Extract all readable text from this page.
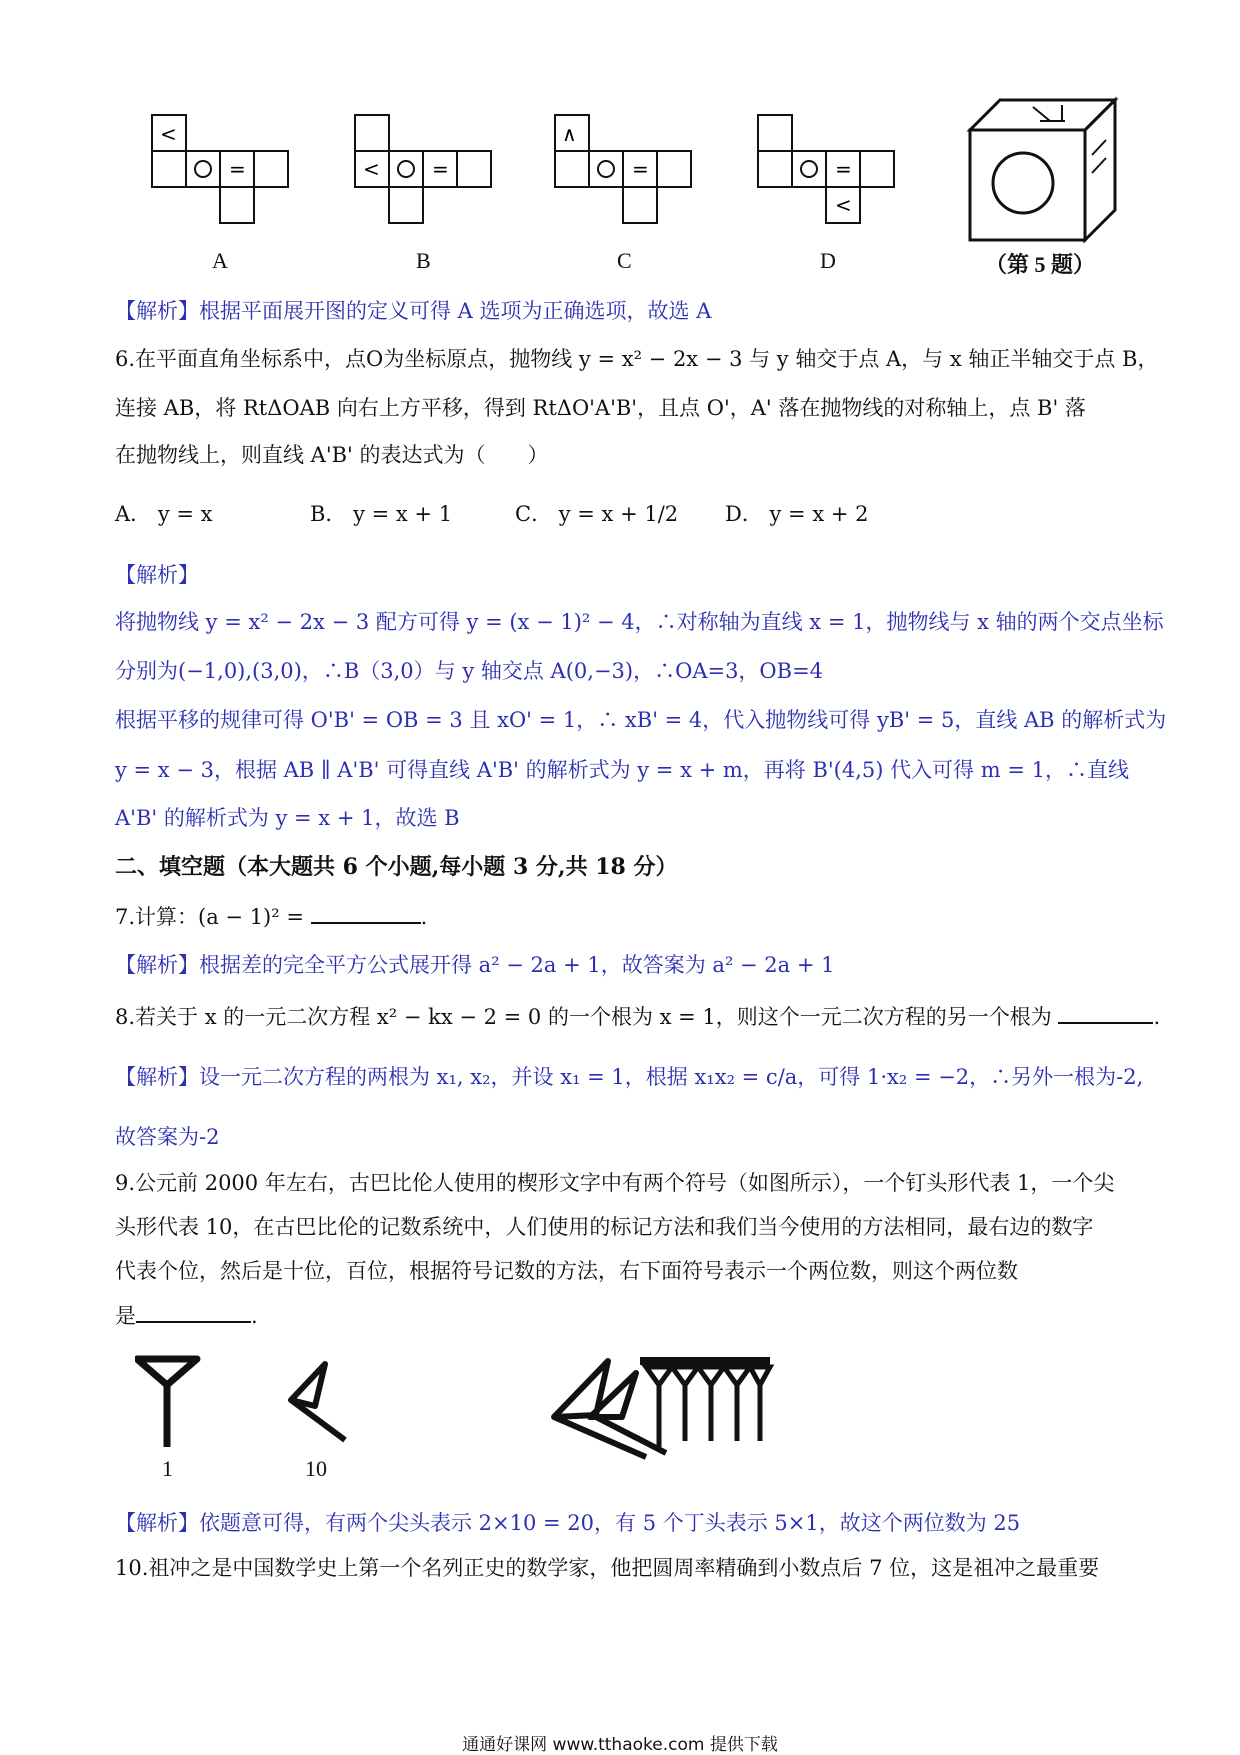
<
=	<	=
∧
=	=
<
A	B	C	D	（第 5 题）
【解析】根据平面展开图的定义可得 A 选项为正确选项，故选 A
6.在平面直角坐标系中，点O为坐标原点，抛物线 y = x² − 2x − 3 与 y 轴交于点 A，与 x 轴正半轴交于点 B，
连接 AB，将 RtΔOAB 向右上方平移，得到 RtΔO'A'B'，且点 O'，A' 落在抛物线的对称轴上，点 B' 落
在抛物线上，则直线 A'B' 的表达式为（　　）
A． y = x	B． y = x + 1	C． y = x + 1/2 D． y = x + 2
【解析】
将抛物线 y = x² − 2x − 3 配方可得 y = (x − 1)² − 4，∴对称轴为直线 x = 1，抛物线与 x 轴的两个交点坐标
分别为(−1,0),(3,0)，∴B（3,0）与 y 轴交点 A(0,−3)，∴OA=3，OB=4
根据平移的规律可得 O'B' = OB = 3 且 xO' = 1，∴ xB' = 4，代入抛物线可得 yB' = 5，直线 AB 的解析式为
y = x − 3，根据 AB ∥ A'B' 可得直线 A'B' 的解析式为 y = x + m，再将 B'(4,5) 代入可得 m = 1，∴直线
A'B' 的解析式为 y = x + 1，故选 B
二、填空题（本大题共 6 个小题,每小题 3 分,共 18 分）
7.计算：(a − 1)² =	.
【解析】根据差的完全平方公式展开得 a² − 2a + 1，故答案为 a² − 2a + 1
8.若关于 x 的一元二次方程 x² − kx − 2 = 0 的一个根为 x = 1，则这个一元二次方程的另一个根为	.
【解析】设一元二次方程的两根为 x₁, x₂，并设 x₁ = 1，根据 x₁x₂ = c/a，可得 1·x₂ = −2，∴另外一根为-2,
故答案为-2
9.公元前 2000 年左右，古巴比伦人使用的楔形文字中有两个符号（如图所示），一个钉头形代表 1，一个尖
头形代表 10，在古巴比伦的记数系统中，人们使用的标记方法和我们当今使用的方法相同，最右边的数字
代表个位，然后是十位，百位，根据符号记数的方法，右下面符号表示一个两位数，则这个两位数
是	.
1	10
【解析】依题意可得，有两个尖头表示 2×10 = 20，有 5 个丁头表示 5×1，故这个两位数为 25
10.祖冲之是中国数学史上第一个名列正史的数学家，他把圆周率精确到小数点后 7 位，这是祖冲之最重要
通通好课网 www.tthaoke.com 提供下载
